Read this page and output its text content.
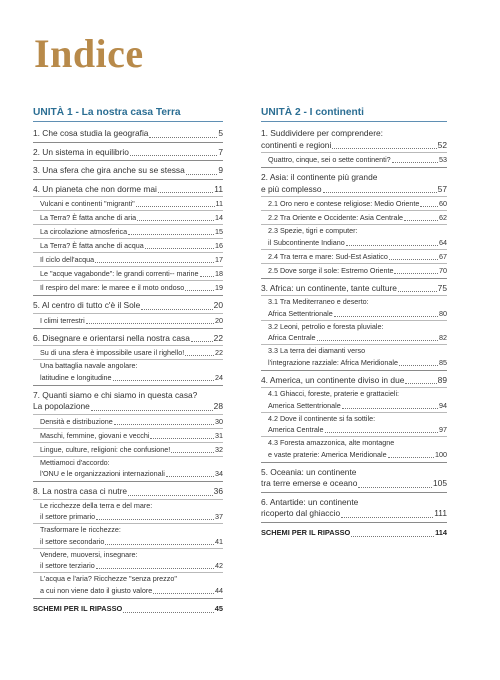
Indice
UNITÀ 1 - La nostra casa Terra
1. Che cosa studia la geografia	5
2. Un sistema in equilibrio	7
3. Una sfera che gira anche su se stessa	9
4. Un pianeta che non dorme mai	11
Vulcani e continenti "migranti"	11
La Terra? È fatta anche di aria	14
La circolazione atmosferica	15
La Terra? È fatta anche di acqua	16
Il ciclo dell'acqua	17
Le "acque vagabonde": le grandi correnti-- marine 18
Il respiro del mare: le maree e il moto ondoso	19
5. Al centro di tutto c'è il Sole	20
I climi terrestri	20
6. Disegnare e orientarsi nella nostra casa	22
Su di una sfera è impossibile usare il righello!	22
Una battaglia navale angolare:
latitudine e longitudine	24
7. Quanti siamo e chi siamo in questa casa?
La popolazione	28
Densità e distribuzione	30
Maschi, femmine, giovani e vecchi	31
Lingue, culture, religioni: che confusione!	32
Mettiamoci d'accordo:
l'ONU e le organizzazioni internazionali	34
8. La nostra casa ci nutre	36
Le ricchezze della terra e del mare:
il settore primario	37
Trasformare le ricchezze:
il settore secondario	41
Vendere, muoversi, insegnare:
il settore terziario	42
L'acqua e l'aria? Ricchezze "senza prezzo"
a cui non viene dato il giusto valore	44
SCHEMI PER IL RIPASSO	45
UNITÀ 2 - I continenti
1. Suddividere per comprendere:
continenti e regioni	52
Quattro, cinque, sei o sette continenti?	53
2. Asia: il continente più grande
e più complesso	57
2.1 Oro nero e contese religiose: Medio Oriente	60
2.2 Tra Oriente e Occidente: Asia Centrale	62
2.3 Spezie, tigri e computer:
il Subcontinente Indiano	64
2.4 Tra terra e mare: Sud-Est Asiatico	67
2.5 Dove sorge il sole: Estremo Oriente	70
3. Africa: un continente, tante culture	75
3.1 Tra Mediterraneo e deserto:
Africa Settentrionale	80
3.2 Leoni, petrolio e foresta pluviale:
Africa Centrale	82
3.3 La terra dei diamanti verso
l'integrazione razziale: Africa Meridionale	85
4. America, un continente diviso in due	89
4.1 Ghiacci, foreste, praterie e grattacieli:
America Settentrionale	94
4.2 Dove il continente si fa sottile:
America Centrale	97
4.3 Foresta amazzonica, alte montagne
e vaste praterie: America Meridionale	100
5. Oceania: un continente
tra terre emerse e oceano	105
6. Antartide: un continente
ricoperto dal ghiaccio	111
SCHEMI PER IL RIPASSO	114
